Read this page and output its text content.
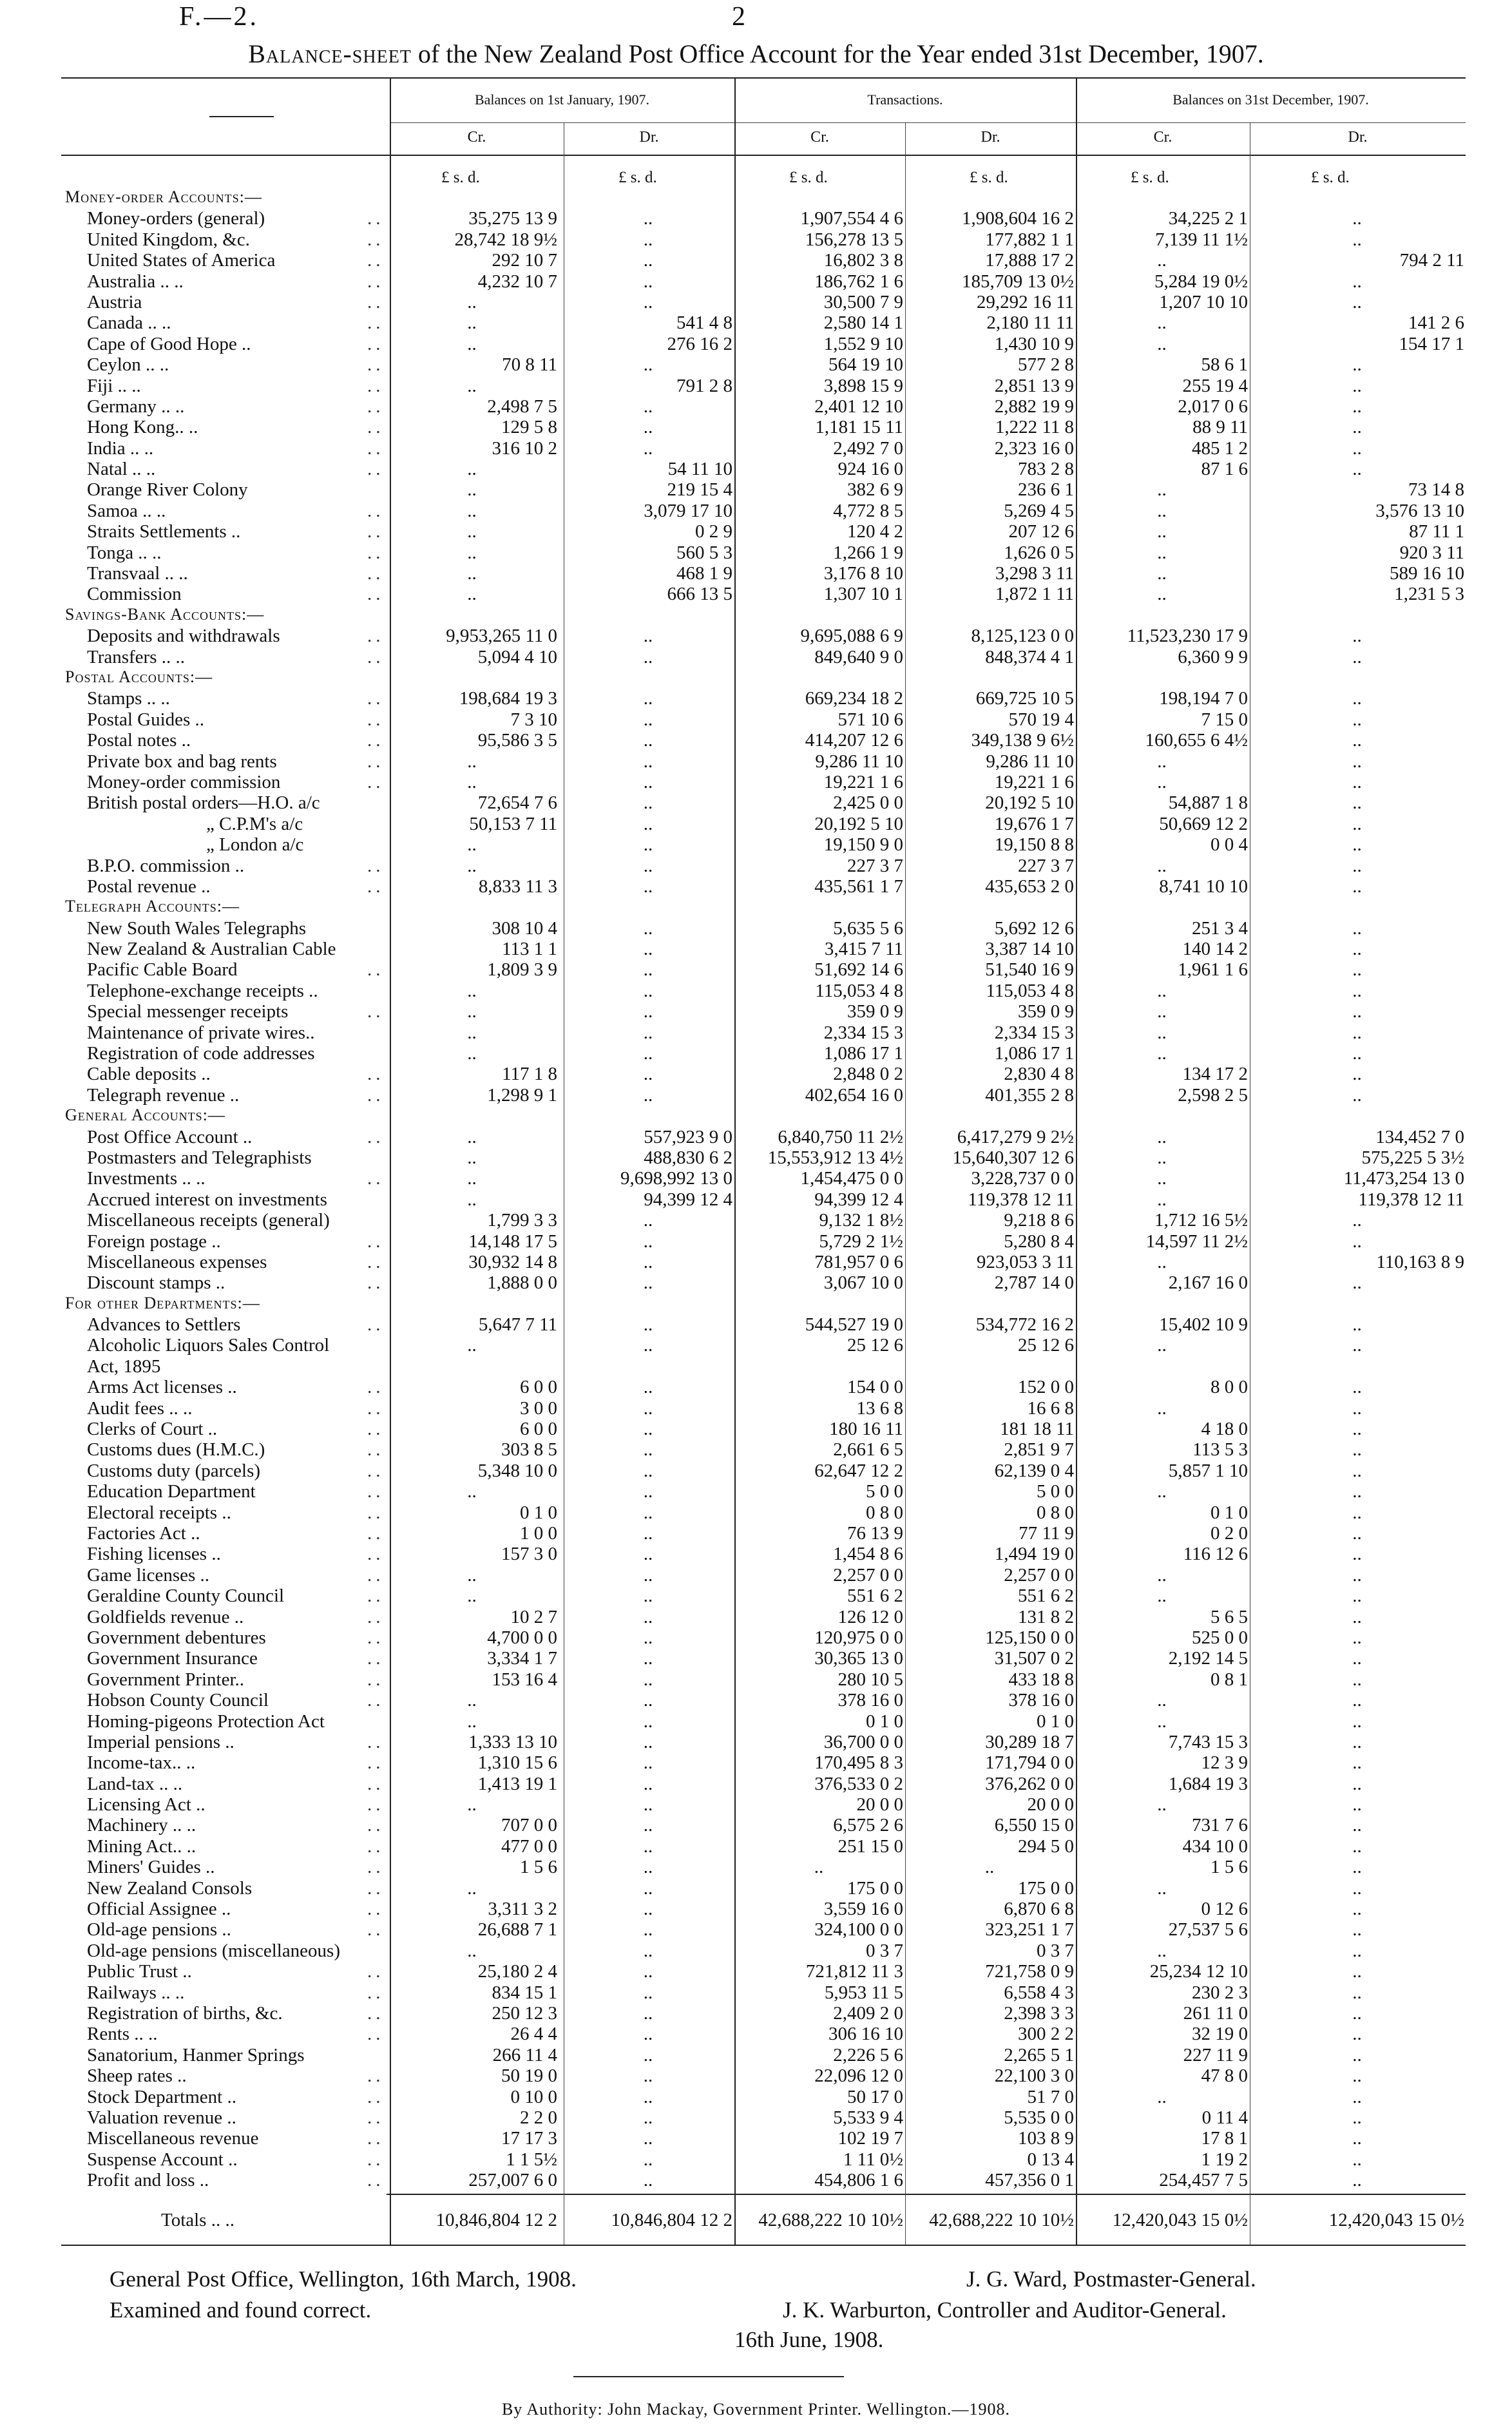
F.—2.	2
Balance-sheet of the New Zealand Post Office Account for the Year ended 31st December, 1907.
Balances on 1st January, 1907.	Transactions.	Balances on 31st December, 1907.
Cr.	Dr.	Cr.	Dr.	Cr.	Dr.
£ s. d.	£ s. d.	£ s. d.	£ s. d.	£ s. d.	£ s. d.
Money-order Accounts:—
Money-orders (general)	..	35,275 13 9	..	1,907,554 4 6	1,908,604 16 2	34,225 2 1	..
United Kingdom, &c.	..	28,742 18 9½	..	156,278 13 5	177,882 1 1	7,139 11 1½	..
United States of America	..	292 10 7	..	16,802 3 8	17,888 17 2	..	794 2 11
Australia .. ..	..	4,232 10 7	..	186,762 1 6	185,709 13 0½	5,284 19 0½	..
Austria	..	..	..	30,500 7 9	29,292 16 11	1,207 10 10	..
Canada .. ..	..	..	541 4 8	2,580 14 1	2,180 11 11	..	141 2 6
Cape of Good Hope ..	..	..	276 16 2	1,552 9 10	1,430 10 9	..	154 17 1
Ceylon .. ..	..	70 8 11	..	564 19 10	577 2 8	58 6 1	..
Fiji .. ..	..	..	791 2 8	3,898 15 9	2,851 13 9	255 19 4	..
Germany .. ..	..	2,498 7 5	..	2,401 12 10	2,882 19 9	2,017 0 6	..
Hong Kong.. ..	..	129 5 8	..	1,181 15 11	1,222 11 8	88 9 11	..
India .. ..	..	316 10 2	..	2,492 7 0	2,323 16 0	485 1 2	..
Natal .. ..	..	..	54 11 10	924 16 0	783 2 8	87 1 6	..
Orange River Colony	..	219 15 4	382 6 9	236 6 1	..	73 14 8
Samoa .. ..	..	..	3,079 17 10	4,772 8 5	5,269 4 5	..	3,576 13 10
Straits Settlements ..	..	..	0 2 9	120 4 2	207 12 6	..	87 11 1
Tonga .. ..	..	..	560 5 3	1,266 1 9	1,626 0 5	..	920 3 11
Transvaal .. ..	..	..	468 1 9	3,176 8 10	3,298 3 11	..	589 16 10
Commission	..	..	666 13 5	1,307 10 1	1,872 1 11	..	1,231 5 3
Savings-Bank Accounts:—
Deposits and withdrawals	..	9,953,265 11 0	..	9,695,088 6 9	8,125,123 0 0	11,523,230 17 9	..
Transfers .. ..	..	5,094 4 10	..	849,640 9 0	848,374 4 1	6,360 9 9	..
Postal Accounts:—
Stamps .. ..	..	198,684 19 3	..	669,234 18 2	669,725 10 5	198,194 7 0	..
Postal Guides ..	..	7 3 10	..	571 10 6	570 19 4	7 15 0	..
Postal notes ..	..	95,586 3 5	..	414,207 12 6	349,138 9 6½	160,655 6 4½	..
Private box and bag rents	..	..	..	9,286 11 10	9,286 11 10	..	..
Money-order commission	..	..	..	19,221 1 6	19,221 1 6	..	..
British postal orders—H.O. a/c	72,654 7 6	..	2,425 0 0	20,192 5 10	54,887 1 8	..
„ C.P.M's a/c	50,153 7 11	..	20,192 5 10	19,676 1 7	50,669 12 2	..
„ London a/c	..	..	19,150 9 0	19,150 8 8	0 0 4	..
B.P.O. commission ..	..	..	..	227 3 7	227 3 7	..	..
Postal revenue ..	..	8,833 11 3	..	435,561 1 7	435,653 2 0	8,741 10 10	..
Telegraph Accounts:—
New South Wales Telegraphs	308 10 4	..	5,635 5 6	5,692 12 6	251 3 4	..
New Zealand & Australian Cable	113 1 1	..	3,415 7 11	3,387 14 10	140 14 2	..
Pacific Cable Board	..	1,809 3 9	..	51,692 14 6	51,540 16 9	1,961 1 6	..
Telephone-exchange receipts ..	..	..	115,053 4 8	115,053 4 8	..	..
Special messenger receipts	..	..	..	359 0 9	359 0 9	..	..
Maintenance of private wires..	..	..	2,334 15 3	2,334 15 3	..	..
Registration of code addresses	..	..	1,086 17 1	1,086 17 1	..	..
Cable deposits ..	..	117 1 8	..	2,848 0 2	2,830 4 8	134 17 2	..
Telegraph revenue ..	..	1,298 9 1	..	402,654 16 0	401,355 2 8	2,598 2 5	..
General Accounts:—
Post Office Account ..	..	..	557,923 9 0	6,840,750 11 2½	6,417,279 9 2½	..	134,452 7 0
Postmasters and Telegraphists	..	488,830 6 2	15,553,912 13 4½	15,640,307 12 6	..	575,225 5 3½
Investments .. ..	..	..	9,698,992 13 0	1,454,475 0 0	3,228,737 0 0	..	11,473,254 13 0
Accrued interest on investments	..	94,399 12 4	94,399 12 4	119,378 12 11	..	119,378 12 11
Miscellaneous receipts (general)	1,799 3 3	..	9,132 1 8½	9,218 8 6	1,712 16 5½	..
Foreign postage ..	..	14,148 17 5	..	5,729 2 1½	5,280 8 4	14,597 11 2½	..
Miscellaneous expenses	..	30,932 14 8	..	781,957 0 6	923,053 3 11	..	110,163 8 9
Discount stamps ..	..	1,888 0 0	..	3,067 10 0	2,787 14 0	2,167 16 0	..
For other Departments:—
Advances to Settlers	..	5,647 7 11	..	544,527 19 0	534,772 16 2	15,402 10 9	..
Alcoholic Liquors Sales Control	..	..	25 12 6	25 12 6	..	..
Act, 1895
Arms Act licenses ..	..	6 0 0	..	154 0 0	152 0 0	8 0 0	..
Audit fees .. ..	..	3 0 0	..	13 6 8	16 6 8	..	..
Clerks of Court ..	..	6 0 0	..	180 16 11	181 18 11	4 18 0	..
Customs dues (H.M.C.)	..	303 8 5	..	2,661 6 5	2,851 9 7	113 5 3	..
Customs duty (parcels)	..	5,348 10 0	..	62,647 12 2	62,139 0 4	5,857 1 10	..
Education Department	..	..	..	5 0 0	5 0 0	..	..
Electoral receipts ..	..	0 1 0	..	0 8 0	0 8 0	0 1 0	..
Factories Act ..	..	1 0 0	..	76 13 9	77 11 9	0 2 0	..
Fishing licenses ..	..	157 3 0	..	1,454 8 6	1,494 19 0	116 12 6	..
Game licenses ..	..	..	..	2,257 0 0	2,257 0 0	..	..
Geraldine County Council	..	..	..	551 6 2	551 6 2	..	..
Goldfields revenue ..	..	10 2 7	..	126 12 0	131 8 2	5 6 5	..
Government debentures	..	4,700 0 0	..	120,975 0 0	125,150 0 0	525 0 0	..
Government Insurance	..	3,334 1 7	..	30,365 13 0	31,507 0 2	2,192 14 5	..
Government Printer..	..	153 16 4	..	280 10 5	433 18 8	0 8 1	..
Hobson County Council	..	..	..	378 16 0	378 16 0	..	..
Homing-pigeons Protection Act	..	..	0 1 0	0 1 0	..	..
Imperial pensions ..	..	1,333 13 10	..	36,700 0 0	30,289 18 7	7,743 15 3	..
Income-tax.. ..	..	1,310 15 6	..	170,495 8 3	171,794 0 0	12 3 9	..
Land-tax .. ..	..	1,413 19 1	..	376,533 0 2	376,262 0 0	1,684 19 3	..
Licensing Act ..	..	..	..	20 0 0	20 0 0	..	..
Machinery .. ..	..	707 0 0	..	6,575 2 6	6,550 15 0	731 7 6	..
Mining Act.. ..	..	477 0 0	..	251 15 0	294 5 0	434 10 0	..
Miners' Guides ..	..	1 5 6	..	..	..	1 5 6	..
New Zealand Consols	..	..	..	175 0 0	175 0 0	..	..
Official Assignee ..	..	3,311 3 2	..	3,559 16 0	6,870 6 8	0 12 6	..
Old-age pensions ..	..	26,688 7 1	..	324,100 0 0	323,251 1 7	27,537 5 6	..
Old-age pensions (miscellaneous)	..	..	0 3 7	0 3 7	..	..
Public Trust ..	..	25,180 2 4	..	721,812 11 3	721,758 0 9	25,234 12 10	..
Railways .. ..	..	834 15 1	..	5,953 11 5	6,558 4 3	230 2 3	..
Registration of births, &c.	..	250 12 3	..	2,409 2 0	2,398 3 3	261 11 0	..
Rents .. ..	..	26 4 4	..	306 16 10	300 2 2	32 19 0	..
Sanatorium, Hanmer Springs	266 11 4	..	2,226 5 6	2,265 5 1	227 11 9	..
Sheep rates ..	..	50 19 0	..	22,096 12 0	22,100 3 0	47 8 0	..
Stock Department ..	..	0 10 0	..	50 17 0	51 7 0	..	..
Valuation revenue ..	..	2 2 0	..	5,533 9 4	5,535 0 0	0 11 4	..
Miscellaneous revenue	..	17 17 3	..	102 19 7	103 8 9	17 8 1	..
Suspense Account ..	..	1 1 5½	..	1 11 0½	0 13 4	1 19 2	..
Profit and loss ..	..	257,007 6 0	..	454,806 1 6	457,356 0 1	254,457 7 5	..
Totals .. ..	10,846,804 12 2	10,846,804 12 2	42,688,222 10 10½	42,688,222 10 10½	12,420,043 15 0½	12,420,043 15 0½
General Post Office, Wellington, 16th March, 1908.	J. G. Ward, Postmaster-General.
Examined and found correct.	J. K. Warburton, Controller and Auditor-General.
16th June, 1908.
By Authority: John Mackay, Government Printer. Wellington.—1908.
